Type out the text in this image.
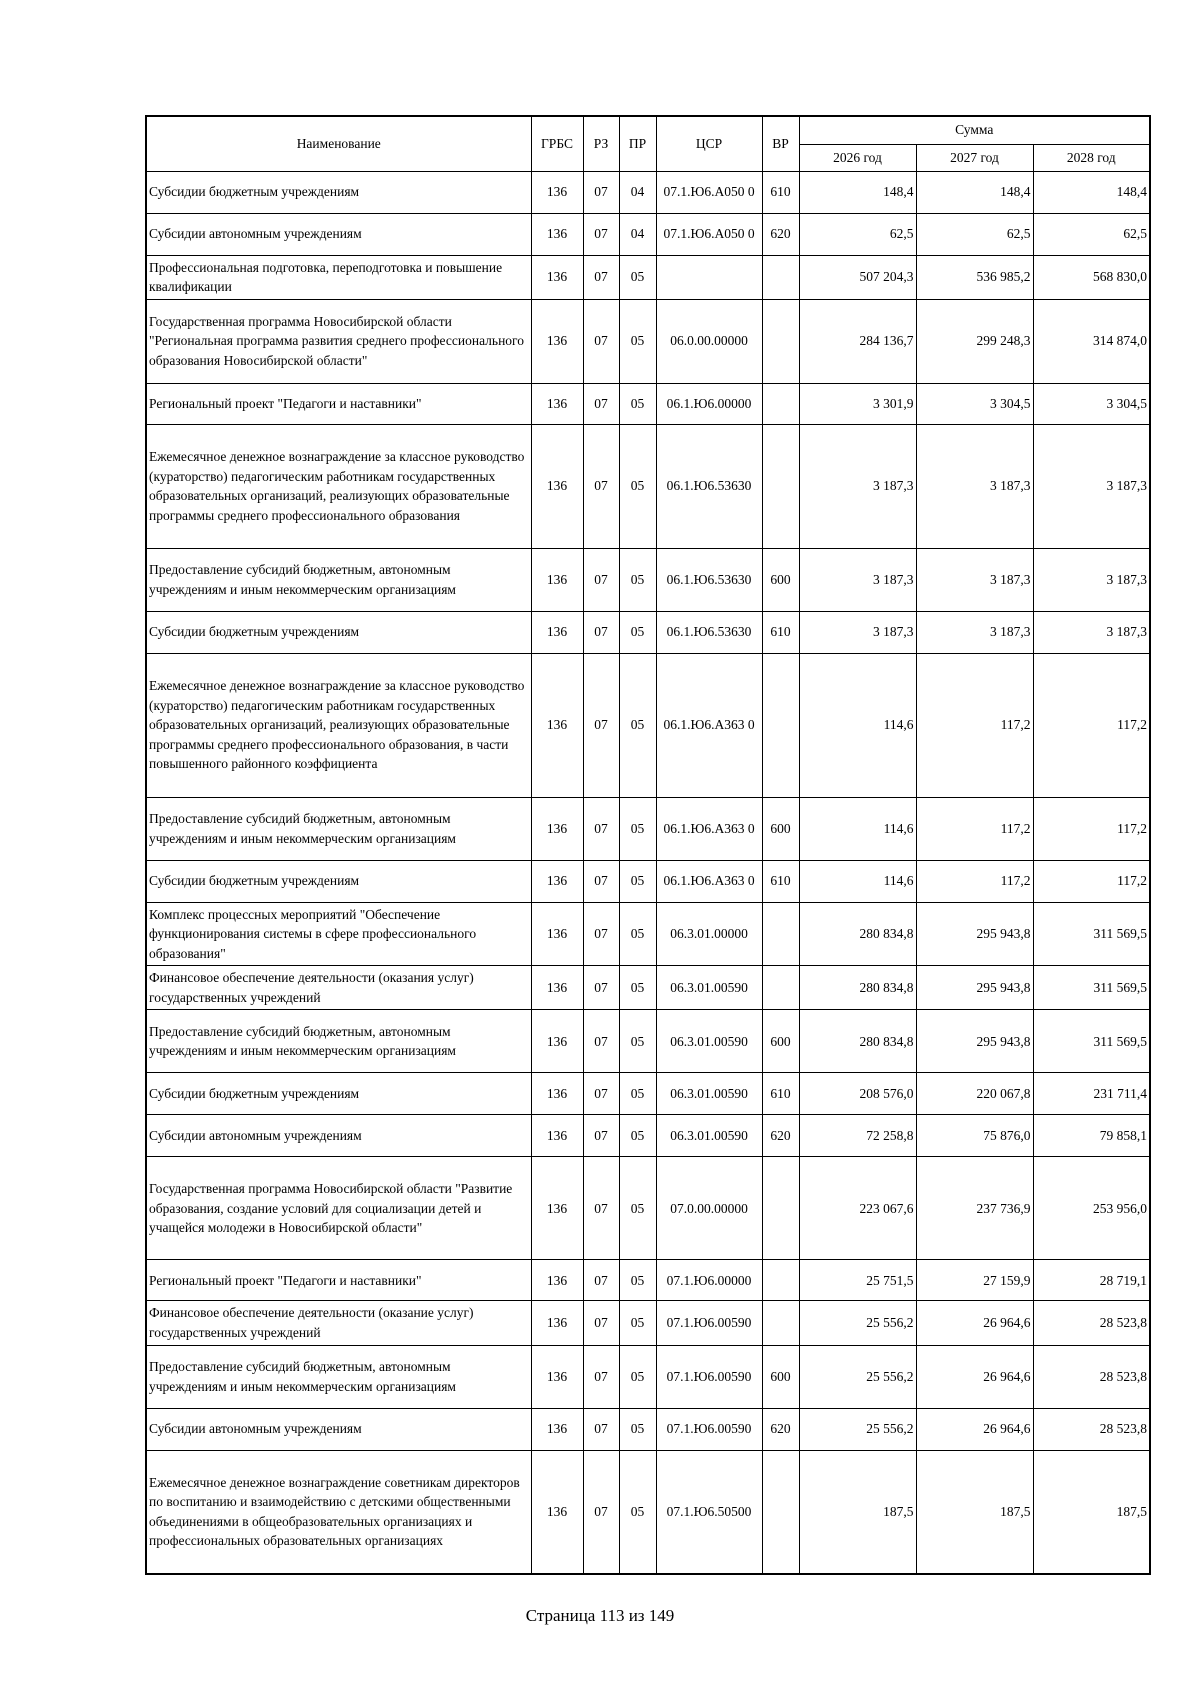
Наименование	ГРБС	РЗ	ПР	ЦСР	ВР	Сумма		
						2026 год	2027 год	2028 год
Субсидии бюджетным учреждениям	136	07	04	07.1.Ю6.А050 0	610	148,4	148,4	148,4
Субсидии автономным учреждениям	136	07	04	07.1.Ю6.А050 0	620	62,5	62,5	62,5
Профессиональная подготовка, переподготовка и повышение квалификации	136	07	05			507 204,3	536 985,2	568 830,0
Государственная программа Новосибирской области "Региональная программа развития среднего профессионального образования Новосибирской области"	136	07	05	06.0.00.00000		284 136,7	299 248,3	314 874,0
Региональный проект "Педагоги и наставники"	136	07	05	06.1.Ю6.00000		3 301,9	3 304,5	3 304,5
Ежемесячное денежное вознаграждение за классное руководство (кураторство) педагогическим работникам государственных образовательных организаций, реализующих образовательные программы среднего профессионального образования	136	07	05	06.1.Ю6.53630		3 187,3	3 187,3	3 187,3
Предоставление субсидий бюджетным, автономным учреждениям и иным некоммерческим организациям	136	07	05	06.1.Ю6.53630	600	3 187,3	3 187,3	3 187,3
Субсидии бюджетным учреждениям	136	07	05	06.1.Ю6.53630	610	3 187,3	3 187,3	3 187,3
Ежемесячное денежное вознаграждение за классное руководство (кураторство) педагогическим работникам государственных образовательных организаций, реализующих образовательные программы среднего профессионального образования, в части повышенного районного коэффициента	136	07	05	06.1.Ю6.А363 0		114,6	117,2	117,2
Предоставление субсидий бюджетным, автономным учреждениям и иным некоммерческим организациям	136	07	05	06.1.Ю6.А363 0	600	114,6	117,2	117,2
Субсидии бюджетным учреждениям	136	07	05	06.1.Ю6.А363 0	610	114,6	117,2	117,2
Комплекс процессных мероприятий "Обеспечение функционирования системы в сфере профессионального образования"	136	07	05	06.3.01.00000		280 834,8	295 943,8	311 569,5
Финансовое обеспечение деятельности (оказания услуг) государственных учреждений	136	07	05	06.3.01.00590		280 834,8	295 943,8	311 569,5
Предоставление субсидий бюджетным, автономным учреждениям и иным некоммерческим организациям	136	07	05	06.3.01.00590	600	280 834,8	295 943,8	311 569,5
Субсидии бюджетным учреждениям	136	07	05	06.3.01.00590	610	208 576,0	220 067,8	231 711,4
Субсидии автономным учреждениям	136	07	05	06.3.01.00590	620	72 258,8	75 876,0	79 858,1
Государственная программа Новосибирской области "Развитие образования, создание условий для социализации детей и учащейся молодежи в Новосибирской области"	136	07	05	07.0.00.00000		223 067,6	237 736,9	253 956,0
Региональный проект "Педагоги и наставники"	136	07	05	07.1.Ю6.00000		25 751,5	27 159,9	28 719,1
Финансовое обеспечение деятельности (оказание услуг) государственных учреждений	136	07	05	07.1.Ю6.00590		25 556,2	26 964,6	28 523,8
Предоставление субсидий бюджетным, автономным учреждениям и иным некоммерческим организациям	136	07	05	07.1.Ю6.00590	600	25 556,2	26 964,6	28 523,8
Субсидии автономным учреждениям	136	07	05	07.1.Ю6.00590	620	25 556,2	26 964,6	28 523,8
Ежемесячное денежное вознаграждение советникам директоров по воспитанию и взаимодействию с детскими общественными объединениями в общеобразовательных организациях и профессиональных образовательных организациях	136	07	05	07.1.Ю6.50500		187,5	187,5	187,5
Страница 113 из 149
